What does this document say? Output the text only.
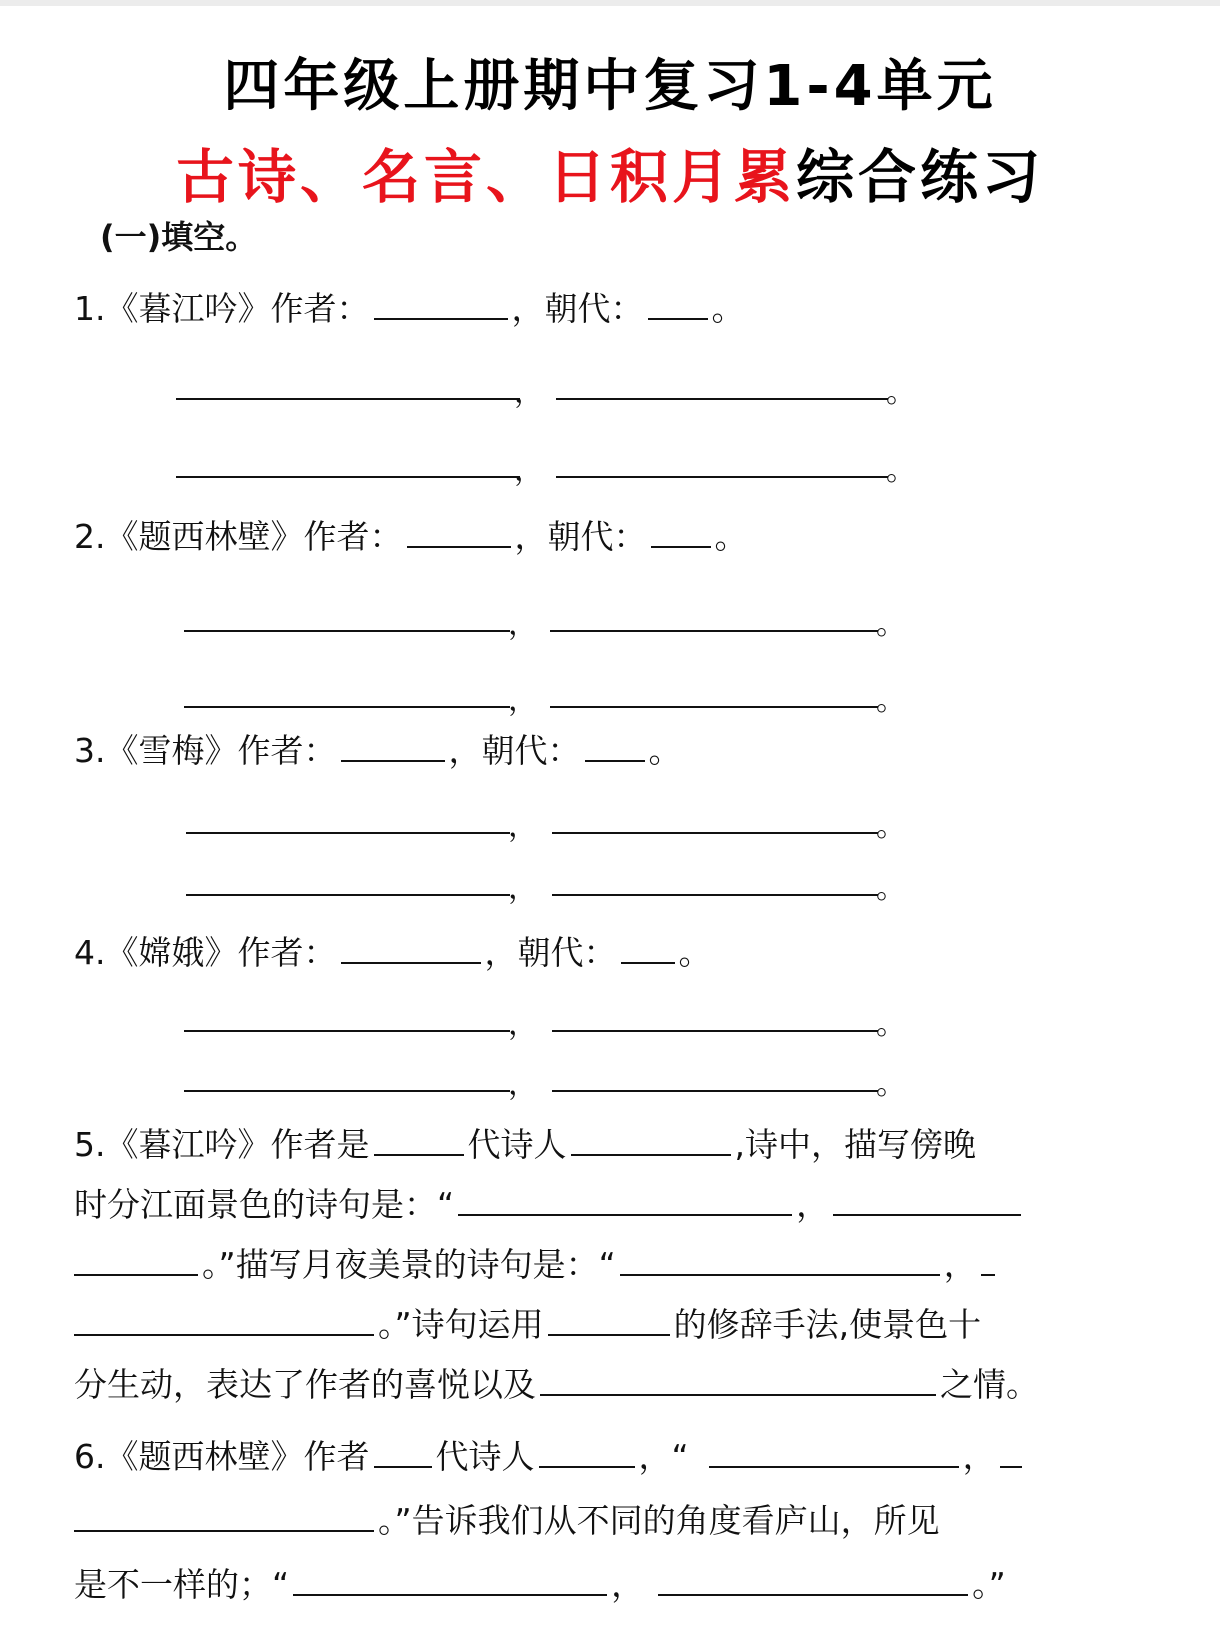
四年级上册期中复习1-4单元
古诗、名言、日积月累综合练习
(一)填空。
1.《暮江吟》作者：	，朝代： 。
，	。
，	。
2.《题西林壁》作者：	，朝代： 。
，	。
，	。
3.《雪梅》作者：	，朝代： 。
，	。
，	。
4.《嫦娥》作者：	，朝代： 。
，	。
，	。
5.《暮江吟》作者是	代诗人	,诗中，描写傍晚
时分江面景色的诗句是：“	，
。”描写月夜美景的诗句是：“	，
。”诗句运用	的修辞手法,使景色十
分生动，表达了作者的喜悦以及	之情。
6.《题西林壁》作者 代诗人	，“	，
。”告诉我们从不同的角度看庐山，所见
是不一样的；“	，	。”
